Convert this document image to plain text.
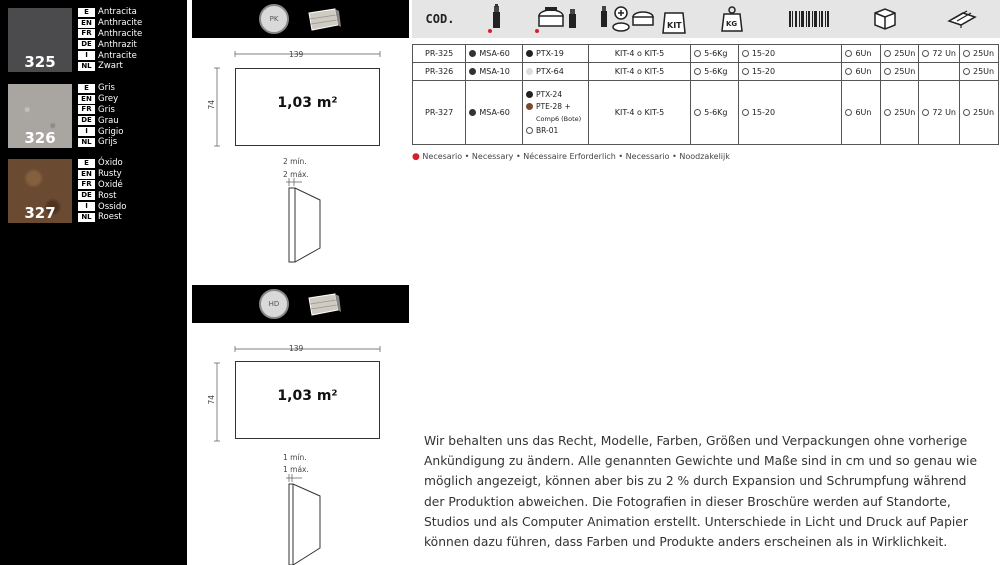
325
E	Antracita
EN Anthracite
FR Anthracite
DE Anthrazit
I	Antracite
NL Zwart
326
E	Gris
EN Grey
FR Gris
DE Grau
I	Grigio
NL Grijs
327
E	Óxido
EN Rusty
FR Oxidé
DE Rost
I	Ossido
NL Roest
PK
139
74	1,03 m²
2 mín.
2 máx.
HD
139
74	1,03 m²
1 mín.
1 máx.
COD.	KIT	KG
PR-325	MSA-60	PTX-19	KIT-4 o KIT-5	5-6Kg	15-20	6Un	25Un	72 Un	25Un
PR-326	MSA-10	PTX-64	KIT-4 o KIT-5	5-6Kg	15-20	6Un	25Un		25Un
PR-327	MSA-60	PTX-24
PTE-28 +
Comp6 (Bote)
BR-01	KIT-4 o KIT-5	5-6Kg	15-20	6Un	25Un	72 Un	25Un
● Necesario • Necessary • Nécessaire Erforderlich • Necessario • Noodzakelijk
Wir behalten uns das Recht, Modelle, Farben, Größen und Verpackungen ohne vorherige Ankündigung zu ändern. Alle genannten Gewichte und Maße sind in cm und so genau wie möglich angezeigt, können aber bis zu 2 % durch Expansion und Schrumpfung während der Produktion abweichen. Die Fotografien in dieser Broschüre werden auf Standorte, Studios und als Computer Animation erstellt. Unterschiede in Licht und Druck auf Papier können dazu führen, dass Farben und Produkte anders erscheinen als in Wirklichkeit.
